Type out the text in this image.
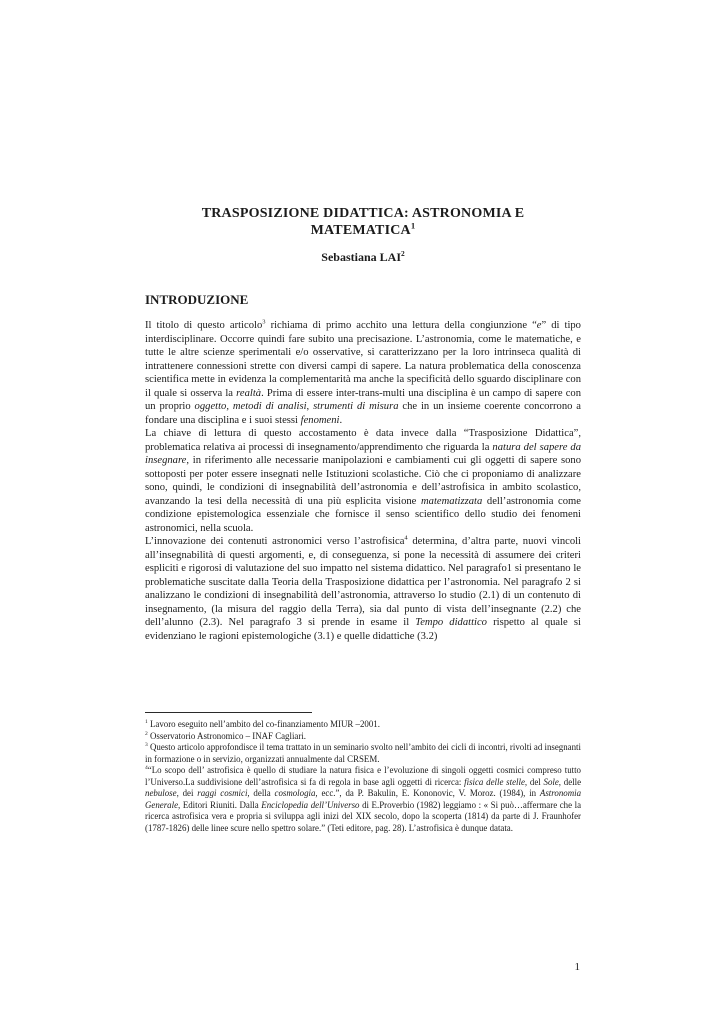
TRASPOSIZIONE DIDATTICA: ASTRONOMIA E
MATEMATICA$^1$
Sebastiana LAI$^2$
INTRODUZIONE

Il titolo di questo articolo$^3$ richiama di primo acchito una lettura della congiunzione “e” di tipo interdisciplinare. Occorre quindi fare subito una precisazione. L’astronomia, come le matematiche, e tutte le altre scienze sperimentali e/o osservative, si caratterizzano per la loro intrinseca qualità di intrattenere connessioni strette con diversi campi di sapere. La natura problematica della conoscenza scientifica mette in evidenza la complementarità ma anche la specificità dello sguardo disciplinare con il quale si osserva la realtà. Prima di essere inter-trans-multi una disciplina è un campo di sapere con un proprio oggetto, metodi di analisi, strumenti di misura che in un insieme coerente concorrono a fondare una disciplina e i suoi stessi fenomeni.

La chiave di lettura di questo accostamento è data invece dalla “Trasposizione Didattica”, problematica relativa ai processi di insegnamento/apprendimento che riguarda la natura del sapere da insegnare, in riferimento alle necessarie manipolazioni e cambiamenti cui gli oggetti di sapere sono sottoposti per poter essere insegnati nelle Istituzioni scolastiche. Ciò che ci proponiamo di analizzare sono, quindi, le condizioni di insegnabilità dell’astronomia e dell’astrofisica in ambito scolastico, avanzando la tesi della necessità di una più esplicita visione matematizzata dell’astronomia come condizione epistemologica essenziale che fornisce il senso scientifico dello studio dei fenomeni astronomici, nella scuola.

L’innovazione dei contenuti astronomici verso l’astrofisica$^4$ determina, d’altra parte, nuovi vincoli all’insegnabilità di questi argomenti, e, di conseguenza, si pone la necessità di assumere dei criteri espliciti e rigorosi di valutazione del suo impatto nel sistema didattico. Nel paragrafo1 si presentano le problematiche suscitate dalla Teoria della Trasposizione didattica per l’astronomia. Nel paragrafo 2 si analizzano le condizioni di insegnabilità dell’astronomia, attraverso lo studio (2.1) di un contenuto di insegnamento, (la misura del raggio della Terra), sia dal punto di vista dell’insegnante (2.2) che dell’alunno (2.3). Nel paragrafo 3 si prende in esame il Tempo didattico rispetto al quale si evidenziano le ragioni epistemologiche (3.1) e quelle didattiche (3.2)

$^1$ Lavoro eseguito nell’ambito del co-finanziamento MIUR –2001.
$^2$ Osservatorio Astronomico – INAF Cagliari.
$^3$ Questo articolo approfondisce il tema trattato in un seminario svolto nell’ambito dei cicli di incontri, rivolti ad insegnanti in formazione o in servizio, organizzati annualmente dal CRSEM.
$^4$“Lo scopo dell’ astrofisica è quello di studiare la natura fisica e l’evoluzione di singoli oggetti cosmici compreso tutto l’Universo.La suddivisione dell’astrofisica si fa di regola in base agli oggetti di ricerca: fisica delle stelle, del Sole, delle nebulose, dei raggi cosmici, della cosmologia, ecc.”, da P. Bakulin, E. Kononovic, V. Moroz. (1984), in Astronomia Generale, Editori Riuniti. Dalla Enciclopedia dell’Universo di E.Proverbio (1982) leggiamo : « Si può…affermare che la ricerca astrofisica vera e propria si sviluppa agli inizi del XIX secolo, dopo la scoperta (1814) da parte di J. Fraunhofer (1787-1826) delle linee scure nello spettro solare.” (Teti editore, pag. 28). L’astrofisica è dunque datata.
1
